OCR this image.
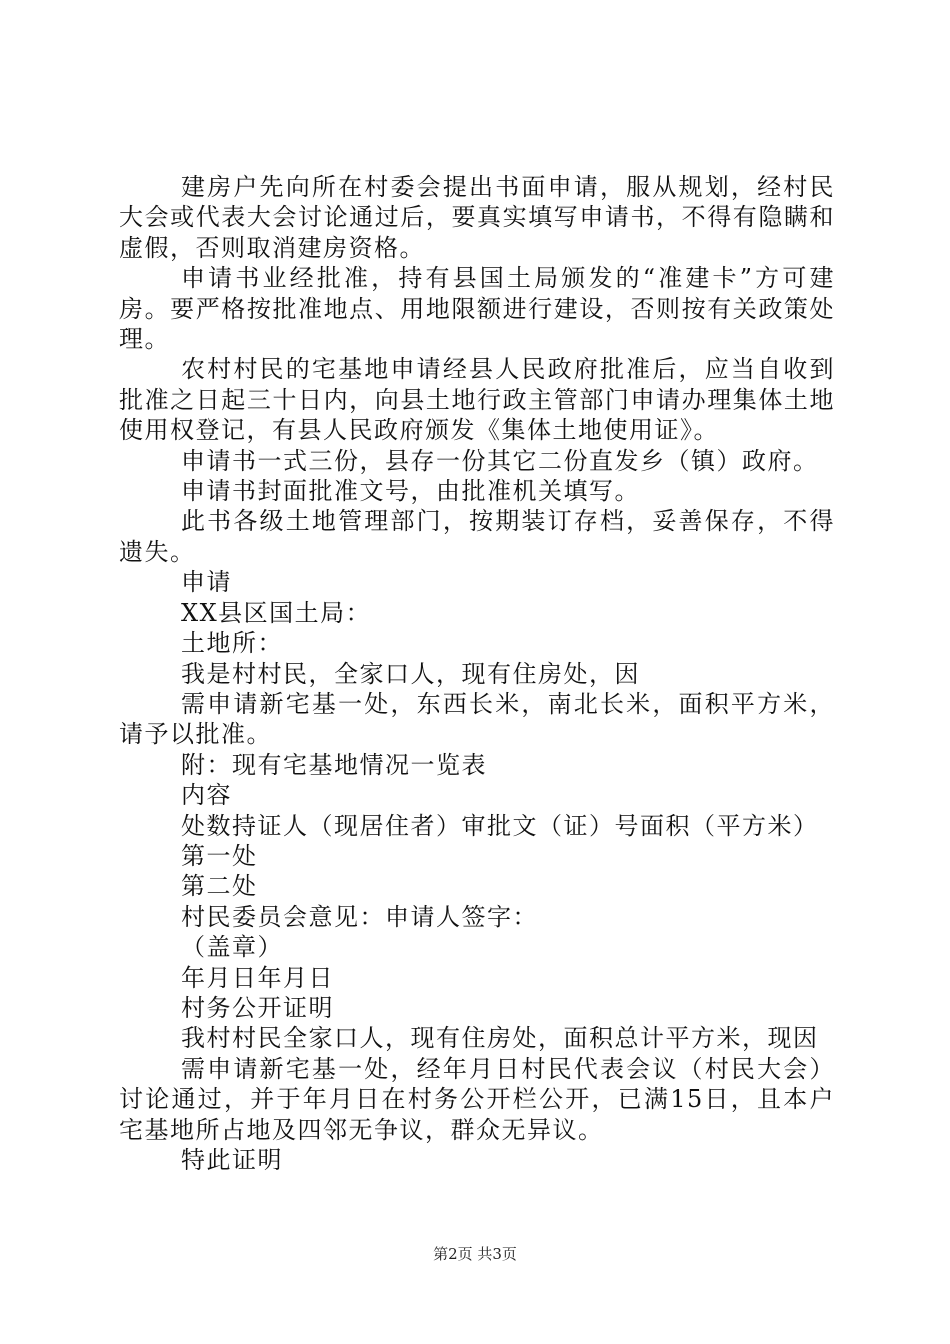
建房户先向所在村委会提出书面申请，服从规划，经村民大会或代表大会讨论通过后，要真实填写申请书，不得有隐瞒和虚假，否则取消建房资格。

申请书业经批准，持有县国土局颁发的“准建卡”方可建房。要严格按批准地点、用地限额进行建设，否则按有关政策处理。

农村村民的宅基地申请经县人民政府批准后，应当自收到批准之日起三十日内，向县土地行政主管部门申请办理集体土地使用权登记，有县人民政府颁发《集体土地使用证》。

申请书一式三份，县存一份其它二份直发乡（镇）政府。

申请书封面批准文号，由批准机关填写。

此书各级土地管理部门，按期装订存档，妥善保存，不得遗失。

申请

XX县区国土局：

土地所：

我是村村民，全家口人，现有住房处，因

需申请新宅基一处，东西长米，南北长米，面积平方米，请予以批准。

附：现有宅基地情况一览表

内容

处数持证人（现居住者）审批文（证）号面积（平方米）

第一处

第二处

村民委员会意见：申请人签字：

（盖章）

年月日年月日

村务公开证明

我村村民全家口人，现有住房处，面积总计平方米，现因

需申请新宅基一处，经年月日村民代表会议（村民大会）讨论通过，并于年月日在村务公开栏公开，已满15日，且本户宅基地所占地及四邻无争议，群众无异议。

特此证明

第2页 共3页
